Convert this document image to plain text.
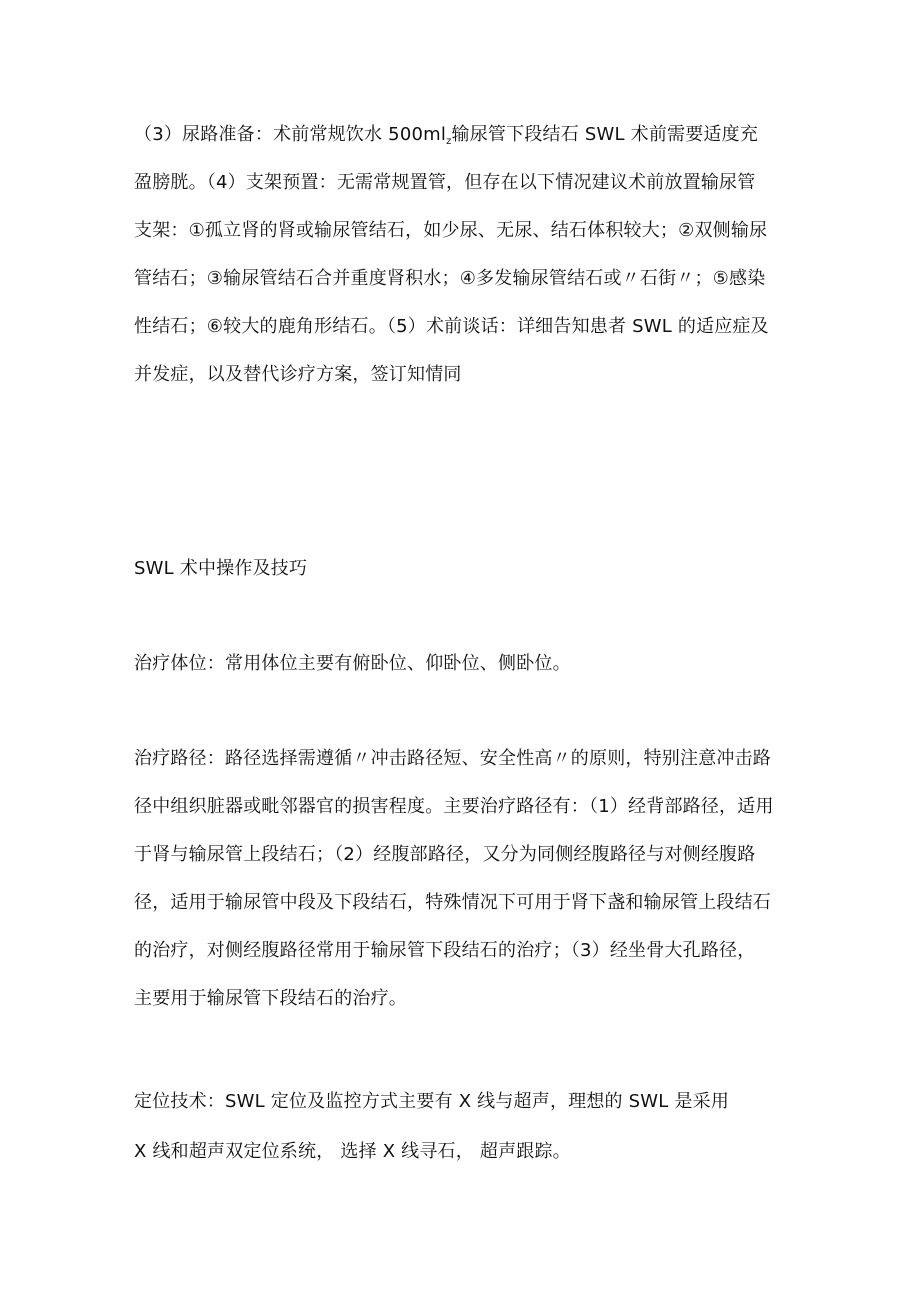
（3）尿路准备：术前常规饮水 $500ml_z$输尿管下段结石 SWL 术前需要适度充
盈膀胱。（4）支架预置：无需常规置管，但存在以下情况建议术前放置输尿管
支架：①孤立肾的肾或输尿管结石，如少尿、无尿、结石体积较大；②双侧输尿
管结石；③输尿管结石合并重度肾积水；④多发输尿管结石或〃石街〃；⑤感染
性结石；⑥较大的鹿角形结石。（5）术前谈话：详细告知患者 SWL 的适应症及
并发症，以及替代诊疗方案，签订知情同
SWL 术中操作及技巧
治疗体位：常用体位主要有俯卧位、仰卧位、侧卧位。
治疗路径：路径选择需遵循〃冲击路径短、安全性高〃的原则，特别注意冲击路
径中组织脏器或毗邻器官的损害程度。主要治疗路径有：（1）经背部路径，适用
于肾与输尿管上段结石；（2）经腹部路径，又分为同侧经腹路径与对侧经腹路
径，适用于输尿管中段及下段结石，特殊情况下可用于肾下盏和输尿管上段结石
的治疗，对侧经腹路径常用于输尿管下段结石的治疗；（3）经坐骨大孔路径，
主要用于输尿管下段结石的治疗。
定位技术：SWL 定位及监控方式主要有 X 线与超声，理想的 SWL 是采用
X 线和超声双定位系统， 选择 X 线寻石， 超声跟踪。
